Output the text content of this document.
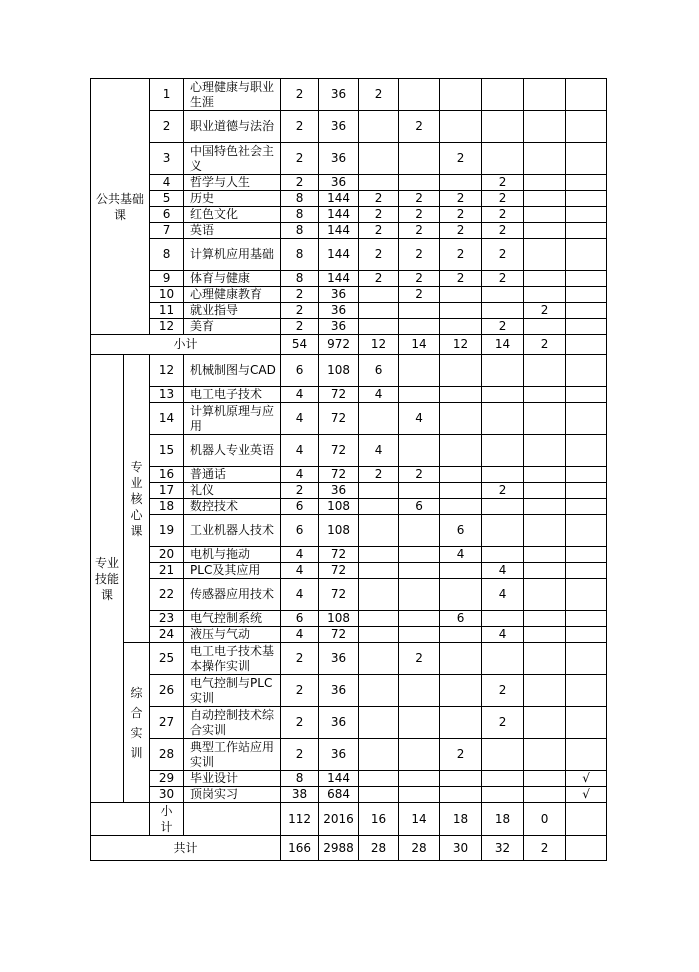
公共基础课		1	心理健康与职业生涯	2	36	2					
		2	职业道德与法治	2	36		2				
		3	中国特色社会主义	2	36			2			
		4	哲学与人生	2	36				2		
		5	历史	8	144	2	2	2	2		
		6	红色文化	8	144	2	2	2	2		
		7	英语	8	144	2	2	2	2		
		8	计算机应用基础	8	144	2	2	2	2		
		9	体育与健康	8	144	2	2	2	2		
		10	心理健康教育	2	36		2				
		11	就业指导	2	36					2	
		12	美育	2	36				2		
小计				54	972	12	14	12	14	2	
专业技能课	专业核心课	12	机械制图与CAD	6	108	6					
		13	电工电子技术	4	72	4					
		14	计算机原理与应用	4	72		4				
		15	机器人专业英语	4	72	4					
		16	普通话	4	72	2	2				
		17	礼仪	2	36				2		
		18	数控技术	6	108		6				
		19	工业机器人技术	6	108			6			
		20	电机与拖动	4	72			4			
		21	PLC及其应用	4	72				4		
		22	传感器应用技术	4	72				4		
		23	电气控制系统	6	108			6			
		24	液压与气动	4	72				4		
	综合实训	25	电工电子技术基本操作实训	2	36		2				
		26	电气控制与PLC实训	2	36				2		
		27	自动控制技术综合实训	2	36				2		
		28	典型工作站应用实训	2	36			2			
		29	毕业设计	8	144						√
		30	顶岗实习	38	684						√
		小计		112	2016	16	14	18	18	0	
共计				166	2988	28	28	30	32	2	
